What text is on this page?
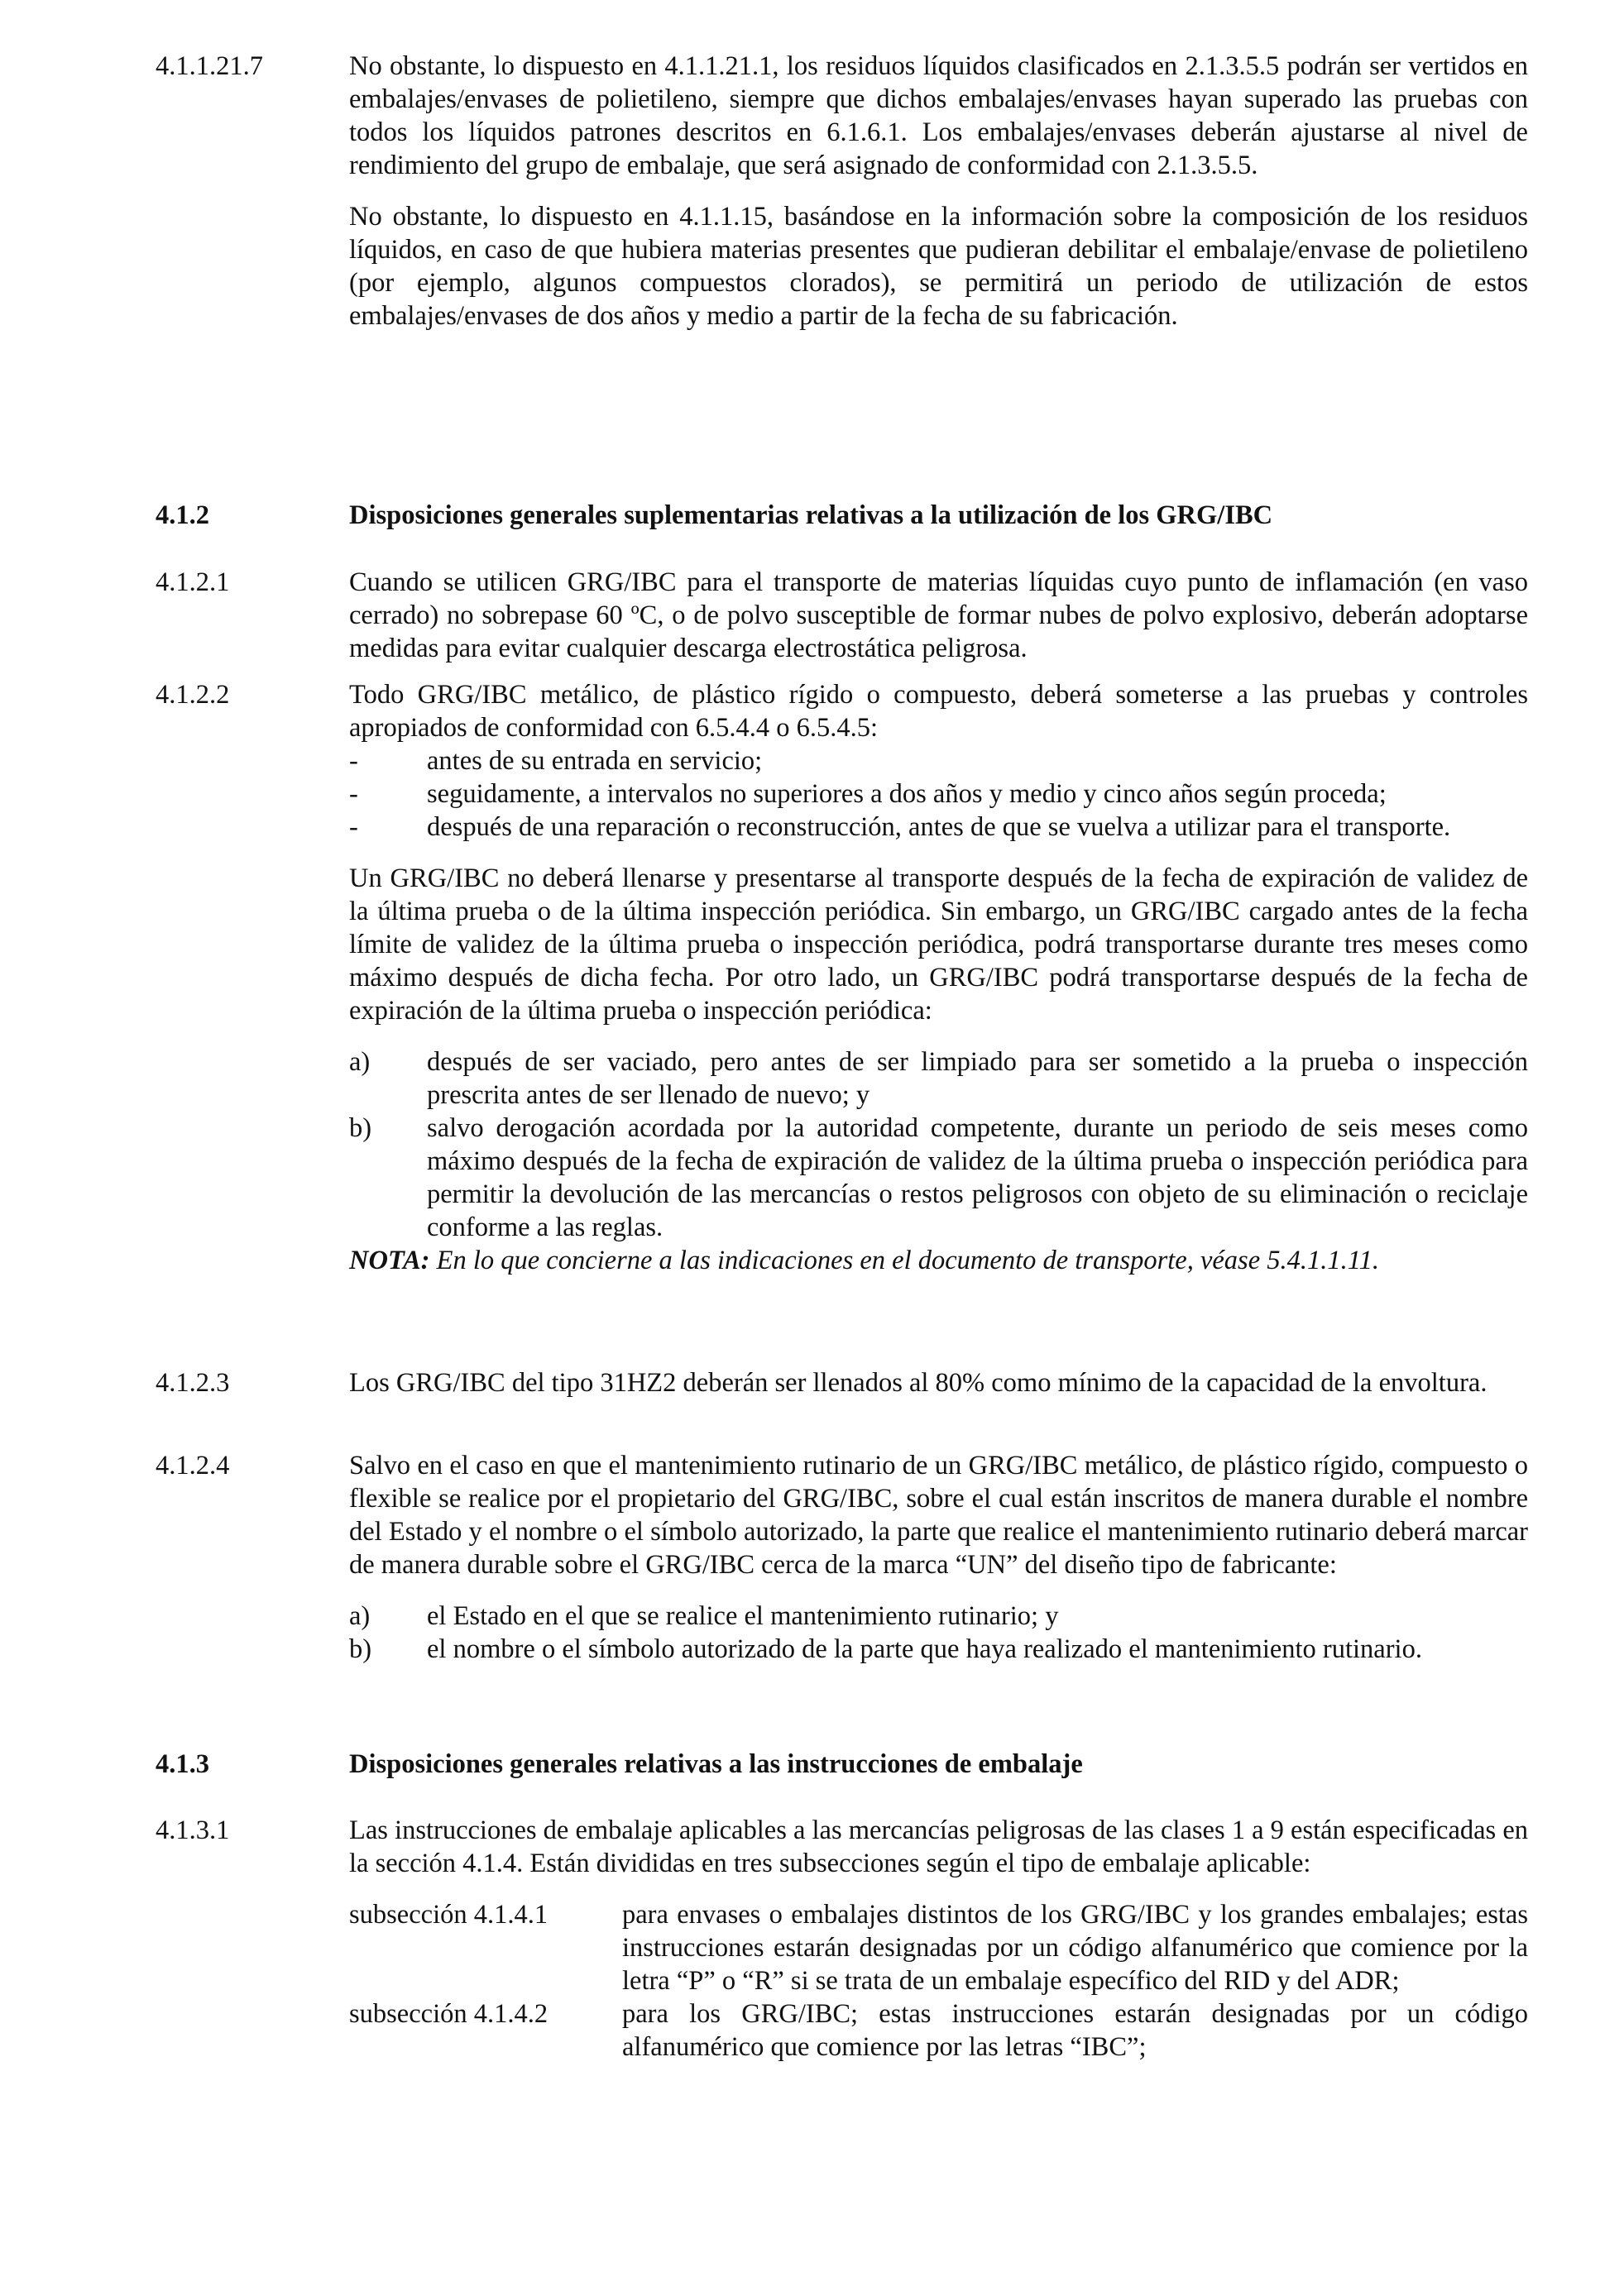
4.1.1.21.7	No obstante, lo dispuesto en 4.1.1.21.1, los residuos líquidos clasificados en 2.1.3.5.5 podrán ser vertidos en embalajes/envases de polietileno, siempre que dichos embalajes/envases hayan superado las pruebas con todos los líquidos patrones descritos en 6.1.6.1. Los embalajes/envases deberán ajustarse al nivel de rendimiento del grupo de embalaje, que será asignado de conformidad con 2.1.3.5.5.

No obstante, lo dispuesto en 4.1.1.15, basándose en la información sobre la composición de los residuos líquidos, en caso de que hubiera materias presentes que pudieran debilitar el embalaje/envase de polietileno (por ejemplo, algunos compuestos clorados), se permitirá un periodo de utilización de estos embalajes/envases de dos años y medio a partir de la fecha de su fabricación.

4.1.2	Disposiciones generales suplementarias relativas a la utilización de los GRG/IBC
4.1.2.1	Cuando se utilicen GRG/IBC para el transporte de materias líquidas cuyo punto de inflamación (en vaso cerrado) no sobrepase 60 ºC, o de polvo susceptible de formar nubes de polvo explosivo, deberán adoptarse medidas para evitar cualquier descarga electrostática peligrosa.
4.1.2.2	Todo GRG/IBC metálico, de plástico rígido o compuesto, deberá someterse a las pruebas y controles apropiados de conformidad con 6.5.4.4 o 6.5.4.5:

-	antes de su entrada en servicio;
-	seguidamente, a intervalos no superiores a dos años y medio y cinco años según proceda;
-	después de una reparación o reconstrucción, antes de que se vuelva a utilizar para el transporte.

Un GRG/IBC no deberá llenarse y presentarse al transporte después de la fecha de expiración de validez de la última prueba o de la última inspección periódica. Sin embargo, un GRG/IBC cargado antes de la fecha límite de validez de la última prueba o inspección periódica, podrá transportarse durante tres meses como máximo después de dicha fecha. Por otro lado, un GRG/IBC podrá transportarse después de la fecha de expiración de la última prueba o inspección periódica:

a) después de ser vaciado, pero antes de ser limpiado para ser sometido a la prueba o inspección prescrita antes de ser llenado de nuevo; y
b) salvo derogación acordada por la autoridad competente, durante un periodo de seis meses como máximo después de la fecha de expiración de validez de la última prueba o inspección periódica para permitir la devolución de las mercancías o restos peligrosos con objeto de su eliminación o reciclaje conforme a las reglas.
NOTA: En lo que concierne a las indicaciones en el documento de transporte, véase 5.4.1.1.11.
4.1.2.3	Los GRG/IBC del tipo 31HZ2 deberán ser llenados al 80% como mínimo de la capacidad de la envoltura.
4.1.2.4	Salvo en el caso en que el mantenimiento rutinario de un GRG/IBC metálico, de plástico rígido, compuesto o flexible se realice por el propietario del GRG/IBC, sobre el cual están inscritos de manera durable el nombre del Estado y el nombre o el símbolo autorizado, la parte que realice el mantenimiento rutinario deberá marcar de manera durable sobre el GRG/IBC cerca de la marca “UN” del diseño tipo de fabricante:

a) el Estado en el que se realice el mantenimiento rutinario; y
b) el nombre o el símbolo autorizado de la parte que haya realizado el mantenimiento rutinario.
4.1.3	Disposiciones generales relativas a las instrucciones de embalaje
4.1.3.1	Las instrucciones de embalaje aplicables a las mercancías peligrosas de las clases 1 a 9 están especificadas en la sección 4.1.4. Están divididas en tres subsecciones según el tipo de embalaje aplicable:

subsección 4.1.4.1	para envases o embalajes distintos de los GRG/IBC y los grandes embalajes; estas instrucciones estarán designadas por un código alfanumérico que comience por la letra “P” o “R” si se trata de un embalaje específico del RID y del ADR;
subsección 4.1.4.2	para los GRG/IBC; estas instrucciones estarán designadas por un código alfanumérico que comience por las letras “IBC”;
